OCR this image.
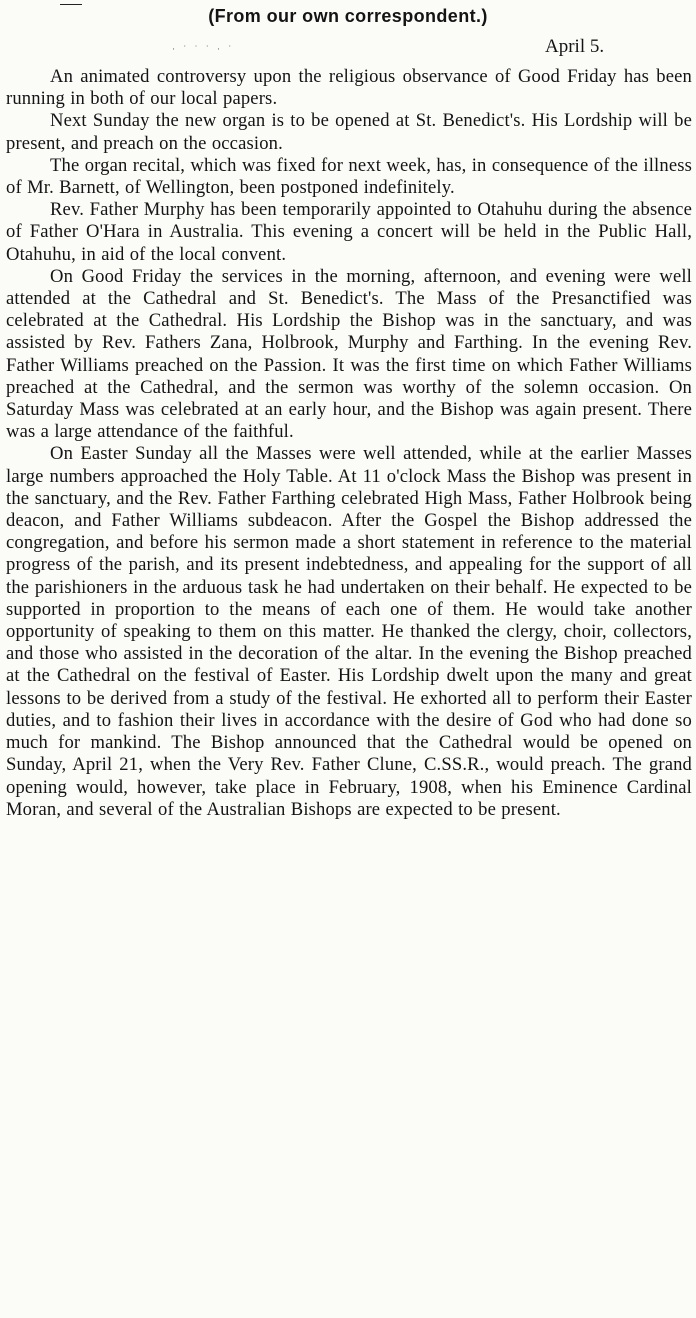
(From our own correspondent.)
· ˙ ˙ ˙ · ˙	April 5.

An animated controversy upon the religious observance of Good Friday has been running in both of our local papers.

Next Sunday the new organ is to be opened at St. Benedict's. His Lordship will be present, and preach on the occasion.

The organ recital, which was fixed for next week, has, in consequence of the illness of Mr. Barnett, of Wellington, been postponed indefinitely.

Rev. Father Murphy has been temporarily appointed to Otahuhu during the absence of Father O'Hara in Australia. This evening a concert will be held in the Public Hall, Otahuhu, in aid of the local convent.

On Good Friday the services in the morning, afternoon, and evening were well attended at the Cathedral and St. Benedict's. The Mass of the Presanctified was celebrated at the Cathedral. His Lordship the Bishop was in the sanctuary, and was assisted by Rev. Fathers Zana, Holbrook, Murphy and Farthing. In the evening Rev. Father Williams preached on the Passion. It was the first time on which Father Williams preached at the Cathedral, and the sermon was worthy of the solemn occasion. On Saturday Mass was celebrated at an early hour, and the Bishop was again present. There was a large attendance of the faithful.

On Easter Sunday all the Masses were well attended, while at the earlier Masses large numbers approached the Holy Table. At 11 o'clock Mass the Bishop was present in the sanctuary, and the Rev. Father Farthing celebrated High Mass, Father Holbrook being deacon, and Father Williams subdeacon. After the Gospel the Bishop addressed the congregation, and before his sermon made a short statement in reference to the material progress of the parish, and its present indebtedness, and appealing for the support of all the parishioners in the arduous task he had undertaken on their behalf. He expected to be supported in proportion to the means of each one of them. He would take another opportunity of speaking to them on this matter. He thanked the clergy, choir, collectors, and those who assisted in the decoration of the altar. In the evening the Bishop preached at the Cathedral on the festival of Easter. His Lordship dwelt upon the many and great lessons to be derived from a study of the festival. He exhorted all to perform their Easter duties, and to fashion their lives in accordance with the desire of God who had done so much for mankind. The Bishop announced that the Cathedral would be opened on Sunday, April 21, when the Very Rev. Father Clune, C.SS.R., would preach. The grand opening would, however, take place in February, 1908, when his Eminence Cardinal Moran, and several of the Australian Bishops are expected to be present.
